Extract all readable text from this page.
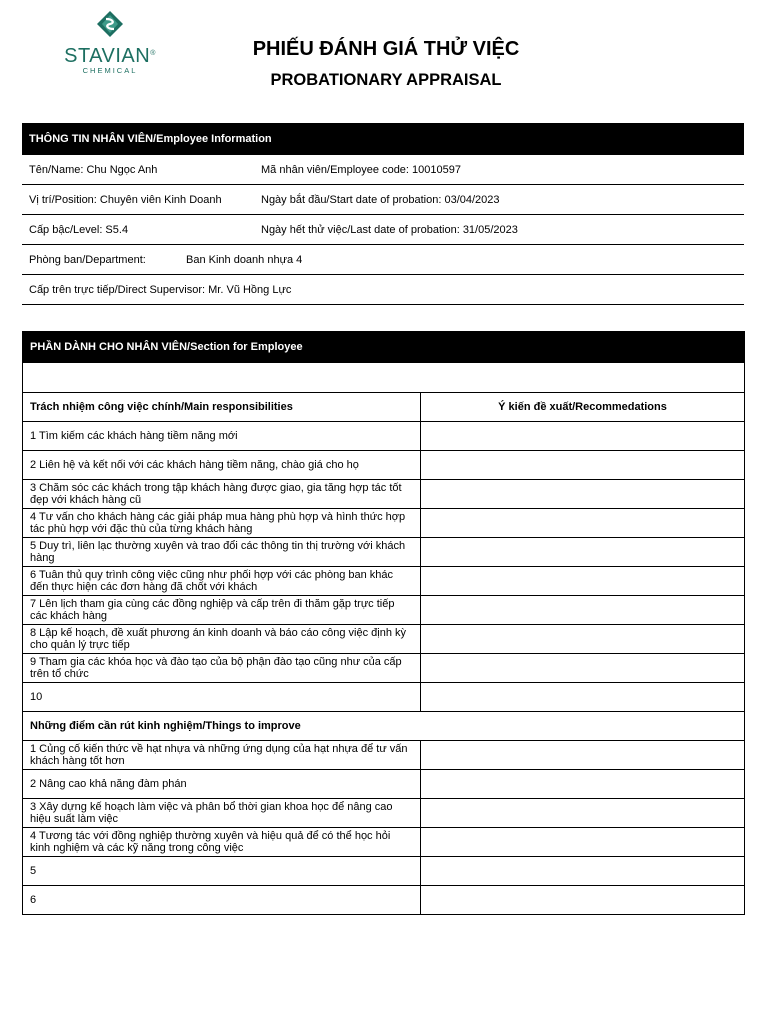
STAVIAN®
CHEMICAL
PHIẾU ĐÁNH GIÁ THỬ VIỆC
PROBATIONARY APPRAISAL
THÔNG TIN NHÂN VIÊN/Employee Information	
Tên/Name: Chu Ngọc Anh	Mã nhân viên/Employee code: 10010597
Vị trí/Position: Chuyên viên Kinh Doanh	Ngày bắt đầu/Start date of probation: 03/04/2023
Cấp bậc/Level: S5.4	Ngày hết thử việc/Last date of probation: 31/05/2023
Phòng ban/Department: Ban Kinh doanh nhựa 4	
Cấp trên trực tiếp/Direct Supervisor: Mr. Vũ Hồng Lực	
PHẦN DÀNH CHO NHÂN VIÊN/Section for Employee	

Trách nhiệm công việc chính/Main responsibilities	Ý kiến đề xuất/Recommedations
1 Tìm kiếm các khách hàng tiềm năng mới	
2 Liên hệ và kết nối với các khách hàng tiềm năng, chào giá cho họ	
3 Chăm sóc các khách trong tập khách hàng được giao, gia tăng hợp tác tốt đẹp với khách hàng cũ	
4 Tư vấn cho khách hàng các giải pháp mua hàng phù hợp và hình thức hợp tác phù hợp với đặc thù của từng khách hàng	
5 Duy trì, liên lạc thường xuyên và trao đổi các thông tin thị trường với khách hàng	
6 Tuân thủ quy trình công việc cũng như phối hợp với các phòng ban khác đến thực hiện các đơn hàng đã chốt với khách	
7 Lên lịch tham gia cùng các đồng nghiệp và cấp trên đi thăm gặp trực tiếp các khách hàng	
8 Lập kế hoạch, đề xuất phương án kinh doanh và báo cáo công việc định kỳ cho quản lý trực tiếp	
9 Tham gia các khóa học và đào tạo của bộ phận đào tạo cũng như của cấp trên tổ chức	
10	
Những điểm cần rút kinh nghiệm/Things to improve	
1 Củng cố kiến thức về hạt nhựa và những ứng dụng của hạt nhựa để tư vấn khách hàng tốt hơn	
2 Nâng cao khả năng đàm phán	
3 Xây dựng kế hoạch làm việc và phân bổ thời gian khoa học để nâng cao hiệu suất làm việc	
4 Tương tác với đồng nghiệp thường xuyên và hiệu quả để có thể học hỏi kinh nghiệm và các kỹ năng trong công việc	
5	
6	
